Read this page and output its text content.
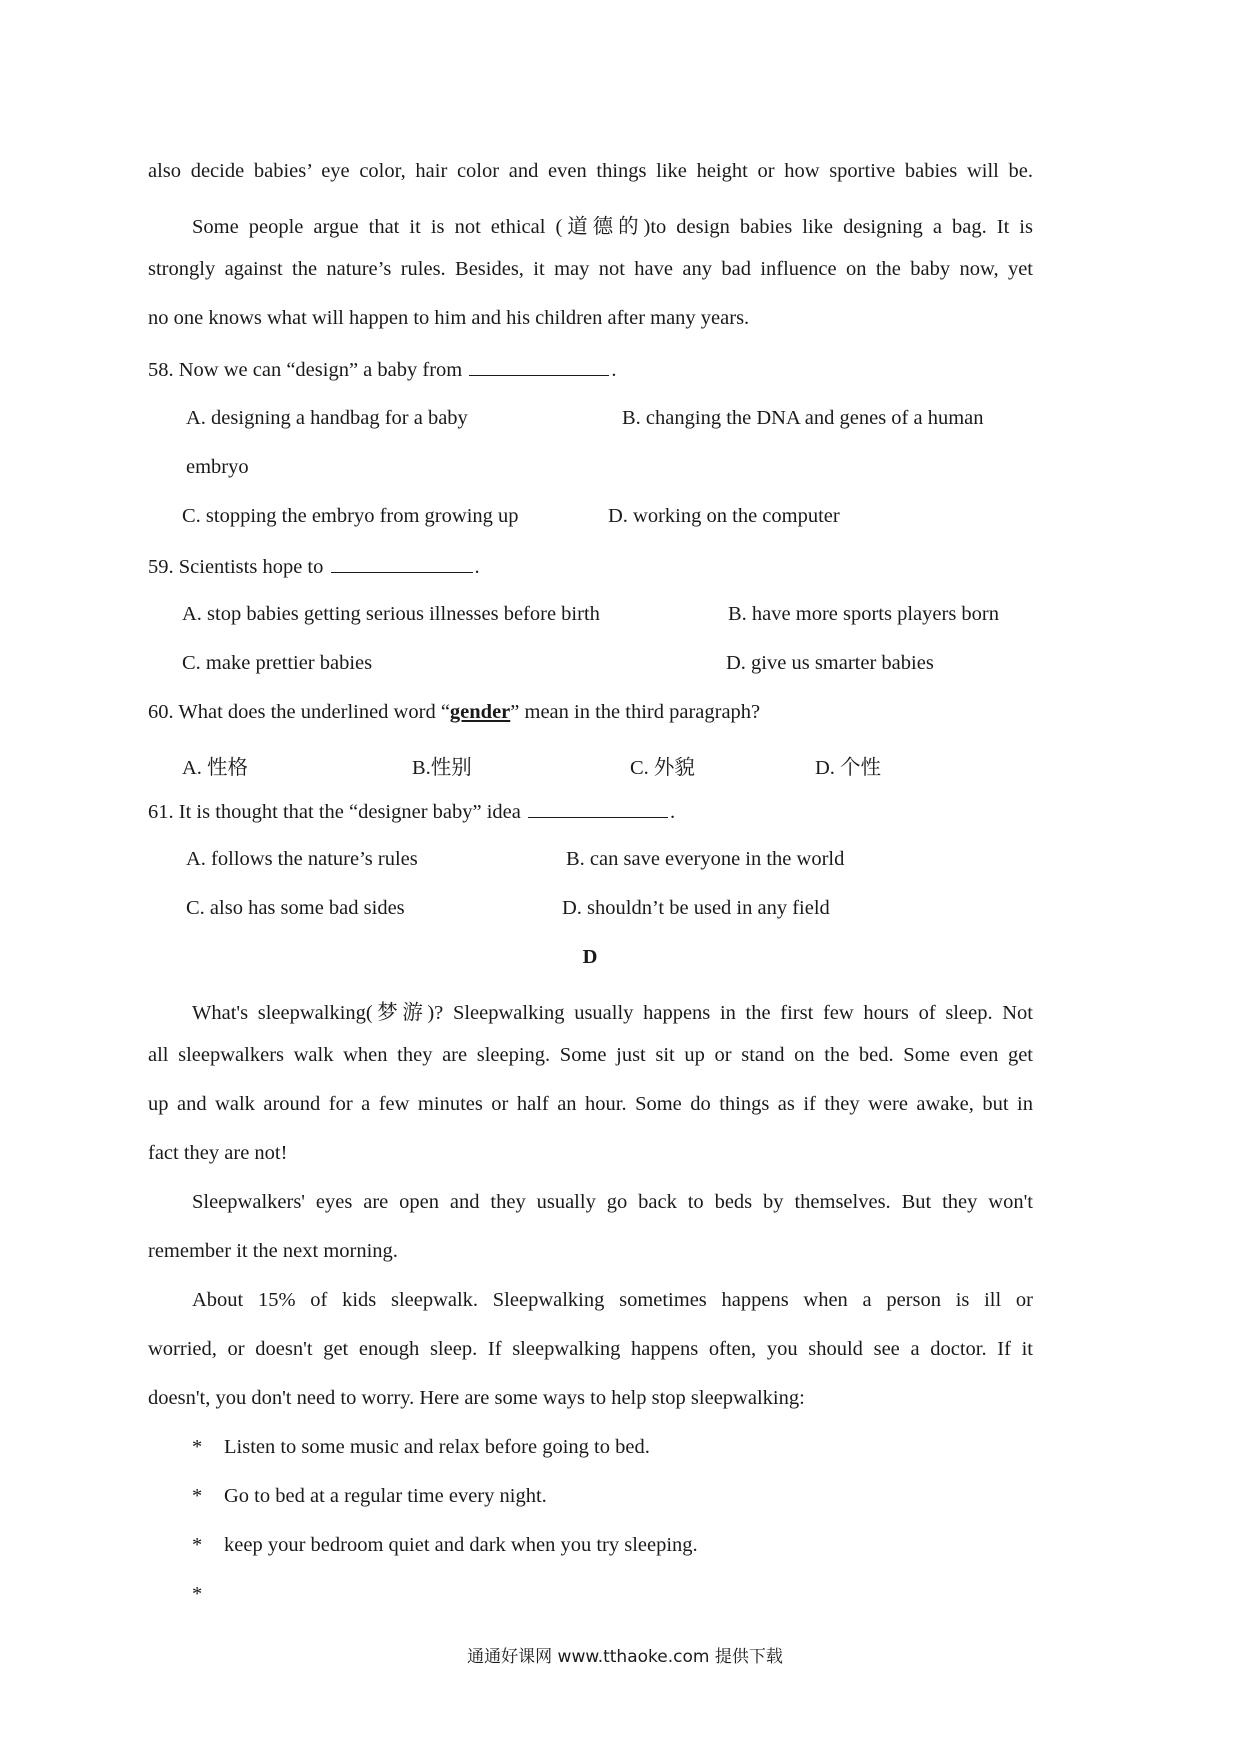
also decide babies’ eye color, hair color and even things like height or how sportive babies will be.
Some people argue that it is not ethical (道德的)to design babies like designing a bag. It is
strongly against the nature’s rules. Besides, it may not have any bad influence on the baby now, yet
no one knows what will happen to him and his children after many years.
58. Now we can “design” a baby from	.
A. designing a handbag for a baby	B. changing the DNA and genes of a human
embryo
C. stopping the embryo from growing up	D. working on the computer
59. Scientists hope to	.
A. stop babies getting serious illnesses before birth	B. have more sports players born
C. make prettier babies	D. give us smarter babies
60. What does the underlined word “gender” mean in the third paragraph?
A. 性格	B.性别	C. 外貌	D. 个性
61. It is thought that the “designer baby” idea	.
A. follows the nature’s rules	B. can save everyone in the world
C. also has some bad sides	D. shouldn’t be used in any field
D
What's sleepwalking(梦游)? Sleepwalking usually happens in the first few hours of sleep. Not
all sleepwalkers walk when they are sleeping. Some just sit up or stand on the bed. Some even get
up and walk around for a few minutes or half an hour. Some do things as if they were awake, but in
fact they are not!
Sleepwalkers' eyes are open and they usually go back to beds by themselves. But they won't
remember it the next morning.
About 15% of kids sleepwalk. Sleepwalking sometimes happens when a person is ill or
worried, or doesn't get enough sleep. If sleepwalking happens often, you should see a doctor. If it
doesn't, you don't need to worry. Here are some ways to help stop sleepwalking:
* Listen to some music and relax before going to bed.
* Go to bed at a regular time every night.
* keep your bedroom quiet and dark when you try sleeping.
*
通通好课网 www.tthaoke.com 提供下载
